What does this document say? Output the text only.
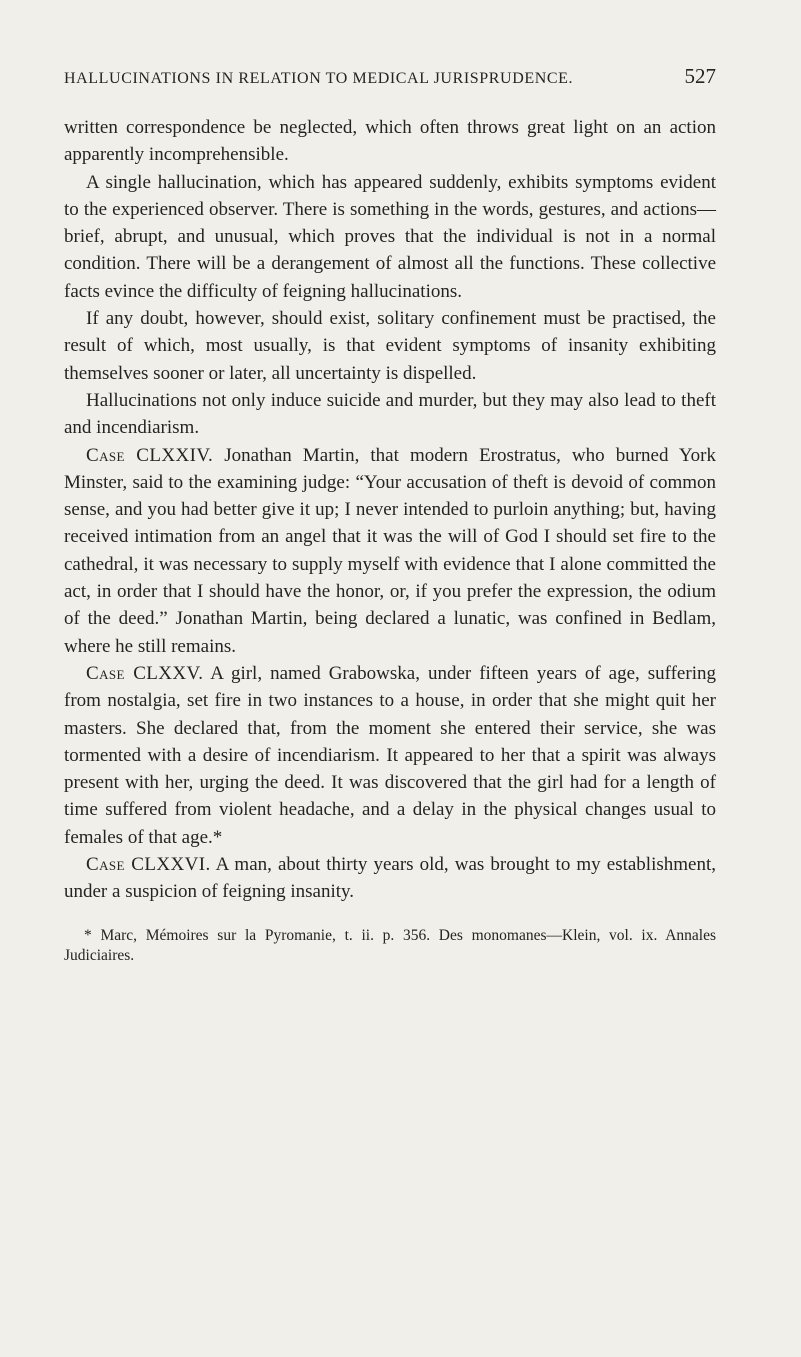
HALLUCINATIONS IN RELATION TO MEDICAL JURISPRUDENCE.	527

written correspondence be neglected, which often throws great light on an action apparently incomprehensible.

A single hallucination, which has appeared suddenly, exhibits symptoms evident to the experienced observer. There is something in the words, gestures, and actions—brief, abrupt, and unusual, which proves that the individual is not in a normal condition. There will be a derangement of almost all the functions. These collective facts evince the difficulty of feigning hallucinations.

If any doubt, however, should exist, solitary confinement must be practised, the result of which, most usually, is that evident symptoms of insanity exhibiting themselves sooner or later, all uncertainty is dispelled.

Hallucinations not only induce suicide and murder, but they may also lead to theft and incendiarism.

Case CLXXIV. Jonathan Martin, that modern Erostratus, who burned York Minster, said to the examining judge: “Your accusation of theft is devoid of common sense, and you had better give it up; I never intended to purloin anything; but, having received intimation from an angel that it was the will of God I should set fire to the cathedral, it was necessary to supply myself with evidence that I alone committed the act, in order that I should have the honor, or, if you prefer the expression, the odium of the deed.” Jonathan Martin, being declared a lunatic, was confined in Bedlam, where he still remains.

Case CLXXV. A girl, named Grabowska, under fifteen years of age, suffering from nostalgia, set fire in two instances to a house, in order that she might quit her masters. She declared that, from the moment she entered their service, she was tormented with a desire of incendiarism. It appeared to her that a spirit was always present with her, urging the deed. It was discovered that the girl had for a length of time suffered from violent headache, and a delay in the physical changes usual to females of that age.*

Case CLXXVI. A man, about thirty years old, was brought to my establishment, under a suspicion of feigning insanity.

* Marc, Mémoires sur la Pyromanie, t. ii. p. 356. Des monomanes—Klein, vol. ix. Annales Judiciaires.
